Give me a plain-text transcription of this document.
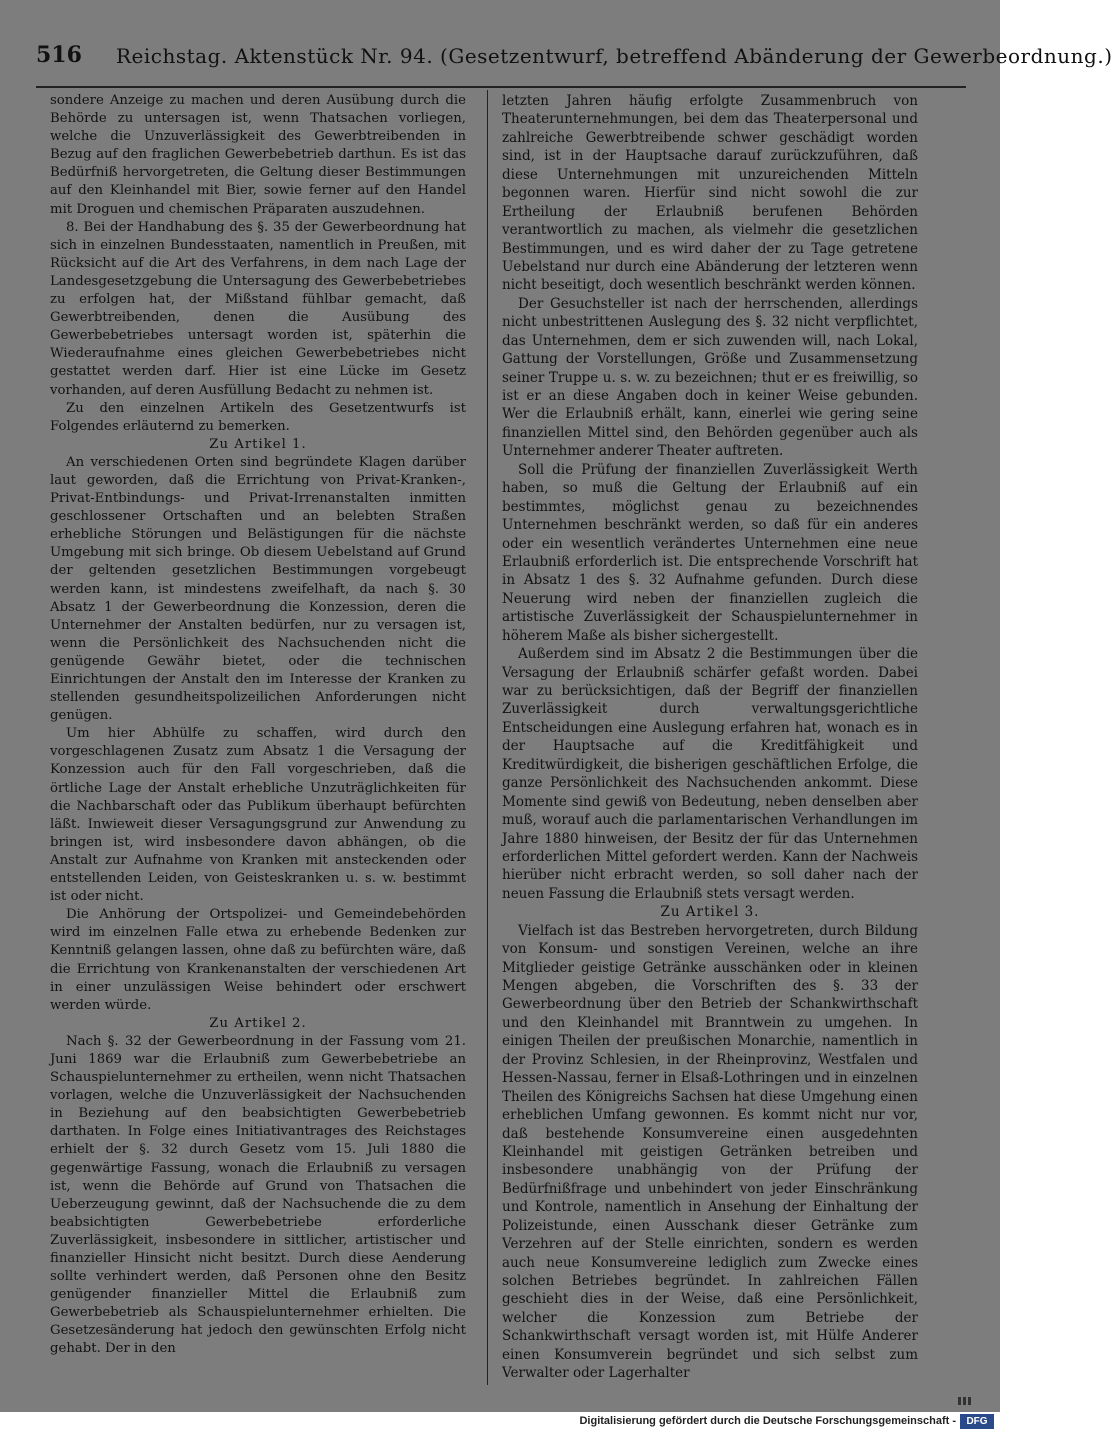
516 Reichstag. Aktenstück Nr. 94. (Gesetzentwurf, betreffend Abänderung der Gewerbeordnung.)

sondere Anzeige zu machen und deren Ausübung durch die Behörde zu untersagen ist, wenn Thatsachen vorliegen, welche die Unzuverlässigkeit des Gewerbtreibenden in Bezug auf den fraglichen Gewerbebetrieb darthun. Es ist das Bedürfniß hervorgetreten, die Geltung dieser Bestimmungen auf den Kleinhandel mit Bier, sowie ferner auf den Handel mit Droguen und chemischen Präparaten auszudehnen.

8. Bei der Handhabung des §. 35 der Gewerbeordnung hat sich in einzelnen Bundesstaaten, namentlich in Preußen, mit Rücksicht auf die Art des Verfahrens, in dem nach Lage der Landesgesetzgebung die Untersagung des Gewerbebetriebes zu erfolgen hat, der Mißstand fühlbar gemacht, daß Gewerbtreibenden, denen die Ausübung des Gewerbebetriebes untersagt worden ist, späterhin die Wiederaufnahme eines gleichen Gewerbebetriebes nicht gestattet werden darf. Hier ist eine Lücke im Gesetz vorhanden, auf deren Ausfüllung Bedacht zu nehmen ist.

Zu den einzelnen Artikeln des Gesetzentwurfs ist Folgendes erläuternd zu bemerken.

Zu Artikel 1.

An verschiedenen Orten sind begründete Klagen darüber laut geworden, daß die Errichtung von Privat-Kranken-, Privat-Entbindungs- und Privat-Irrenanstalten inmitten geschlossener Ortschaften und an belebten Straßen erhebliche Störungen und Belästigungen für die nächste Umgebung mit sich bringe. Ob diesem Uebelstand auf Grund der geltenden gesetzlichen Bestimmungen vorgebeugt werden kann, ist mindestens zweifelhaft, da nach §. 30 Absatz 1 der Gewerbeordnung die Konzession, deren die Unternehmer der Anstalten bedürfen, nur zu versagen ist, wenn die Persönlichkeit des Nachsuchenden nicht die genügende Gewähr bietet, oder die technischen Einrichtungen der Anstalt den im Interesse der Kranken zu stellenden gesundheitspolizeilichen Anforderungen nicht genügen.

Um hier Abhülfe zu schaffen, wird durch den vorgeschlagenen Zusatz zum Absatz 1 die Versagung der Konzession auch für den Fall vorgeschrieben, daß die örtliche Lage der Anstalt erhebliche Unzuträglichkeiten für die Nachbarschaft oder das Publikum überhaupt befürchten läßt. Inwieweit dieser Versagungsgrund zur Anwendung zu bringen ist, wird insbesondere davon abhängen, ob die Anstalt zur Aufnahme von Kranken mit ansteckenden oder entstellenden Leiden, von Geisteskranken u. s. w. bestimmt ist oder nicht.

Die Anhörung der Ortspolizei- und Gemeindebehörden wird im einzelnen Falle etwa zu erhebende Bedenken zur Kenntniß gelangen lassen, ohne daß zu befürchten wäre, daß die Errichtung von Krankenanstalten der verschiedenen Art in einer unzulässigen Weise behindert oder erschwert werden würde.

Zu Artikel 2.

Nach §. 32 der Gewerbeordnung in der Fassung vom 21. Juni 1869 war die Erlaubniß zum Gewerbebetriebe an Schauspielunternehmer zu ertheilen, wenn nicht Thatsachen vorlagen, welche die Unzuverlässigkeit der Nachsuchenden in Beziehung auf den beabsichtigten Gewerbebetrieb darthaten. In Folge eines Initiativantrages des Reichstages erhielt der §. 32 durch Gesetz vom 15. Juli 1880 die gegenwärtige Fassung, wonach die Erlaubniß zu versagen ist, wenn die Behörde auf Grund von Thatsachen die Ueberzeugung gewinnt, daß der Nachsuchende die zu dem beabsichtigten Gewerbebetriebe erforderliche Zuverlässigkeit, insbesondere in sittlicher, artistischer und finanzieller Hinsicht nicht besitzt. Durch diese Aenderung sollte verhindert werden, daß Personen ohne den Besitz genügender finanzieller Mittel die Erlaubniß zum Gewerbebetrieb als Schauspielunternehmer erhielten. Die Gesetzesänderung hat jedoch den gewünschten Erfolg nicht gehabt. Der in den

letzten Jahren häufig erfolgte Zusammenbruch von Theaterunternehmungen, bei dem das Theaterpersonal und zahlreiche Gewerbtreibende schwer geschädigt worden sind, ist in der Hauptsache darauf zurückzuführen, daß diese Unternehmungen mit unzureichenden Mitteln begonnen waren. Hierfür sind nicht sowohl die zur Ertheilung der Erlaubniß berufenen Behörden verantwortlich zu machen, als vielmehr die gesetzlichen Bestimmungen, und es wird daher der zu Tage getretene Uebelstand nur durch eine Abänderung der letzteren wenn nicht beseitigt, doch wesentlich beschränkt werden können.

Der Gesuchsteller ist nach der herrschenden, allerdings nicht unbestrittenen Auslegung des §. 32 nicht verpflichtet, das Unternehmen, dem er sich zuwenden will, nach Lokal, Gattung der Vorstellungen, Größe und Zusammensetzung seiner Truppe u. s. w. zu bezeichnen; thut er es freiwillig, so ist er an diese Angaben doch in keiner Weise gebunden. Wer die Erlaubniß erhält, kann, einerlei wie gering seine finanziellen Mittel sind, den Behörden gegenüber auch als Unternehmer anderer Theater auftreten.

Soll die Prüfung der finanziellen Zuverlässigkeit Werth haben, so muß die Geltung der Erlaubniß auf ein bestimmtes, möglichst genau zu bezeichnendes Unternehmen beschränkt werden, so daß für ein anderes oder ein wesentlich verändertes Unternehmen eine neue Erlaubniß erforderlich ist. Die entsprechende Vorschrift hat in Absatz 1 des §. 32 Aufnahme gefunden. Durch diese Neuerung wird neben der finanziellen zugleich die artistische Zuverlässigkeit der Schauspielunternehmer in höherem Maße als bisher sichergestellt.

Außerdem sind im Absatz 2 die Bestimmungen über die Versagung der Erlaubniß schärfer gefaßt worden. Dabei war zu berücksichtigen, daß der Begriff der finanziellen Zuverlässigkeit durch verwaltungsgerichtliche Entscheidungen eine Auslegung erfahren hat, wonach es in der Hauptsache auf die Kreditfähigkeit und Kreditwürdigkeit, die bisherigen geschäftlichen Erfolge, die ganze Persönlichkeit des Nachsuchenden ankommt. Diese Momente sind gewiß von Bedeutung, neben denselben aber muß, worauf auch die parlamentarischen Verhandlungen im Jahre 1880 hinweisen, der Besitz der für das Unternehmen erforderlichen Mittel gefordert werden. Kann der Nachweis hierüber nicht erbracht werden, so soll daher nach der neuen Fassung die Erlaubniß stets versagt werden.

Zu Artikel 3.

Vielfach ist das Bestreben hervorgetreten, durch Bildung von Konsum- und sonstigen Vereinen, welche an ihre Mitglieder geistige Getränke ausschänken oder in kleinen Mengen abgeben, die Vorschriften des §. 33 der Gewerbeordnung über den Betrieb der Schankwirthschaft und den Kleinhandel mit Branntwein zu umgehen. In einigen Theilen der preußischen Monarchie, namentlich in der Provinz Schlesien, in der Rheinprovinz, Westfalen und Hessen-Nassau, ferner in Elsaß-Lothringen und in einzelnen Theilen des Königreichs Sachsen hat diese Umgehung einen erheblichen Umfang gewonnen. Es kommt nicht nur vor, daß bestehende Konsumvereine einen ausgedehnten Kleinhandel mit geistigen Getränken betreiben und insbesondere unabhängig von der Prüfung der Bedürfnißfrage und unbehindert von jeder Einschränkung und Kontrole, namentlich in Ansehung der Einhaltung der Polizeistunde, einen Ausschank dieser Getränke zum Verzehren auf der Stelle einrichten, sondern es werden auch neue Konsumvereine lediglich zum Zwecke eines solchen Betriebes begründet. In zahlreichen Fällen geschieht dies in der Weise, daß eine Persönlichkeit, welcher die Konzession zum Betriebe der Schankwirthschaft versagt worden ist, mit Hülfe Anderer einen Konsumverein begründet und sich selbst zum Verwalter oder Lagerhalter

Digitalisierung gefördert durch die Deutsche Forschungsgemeinschaft -	DFG
